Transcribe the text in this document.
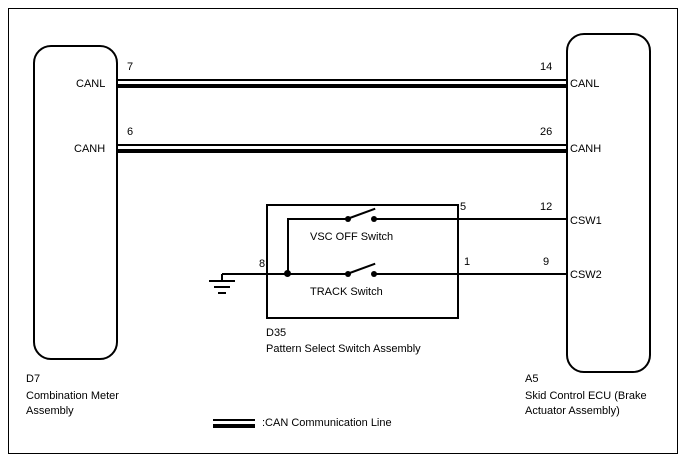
CANL
7
CANH
6
D7
Combination Meter
Assembly
CANL
14
CANH
26
CSW1
12
CSW2
9
A5
Skid Control ECU (Brake
Actuator Assembly)
D35
Pattern Select Switch Assembly
VSC OFF Switch
TRACK Switch
5
1
8
:CAN Communication Line
